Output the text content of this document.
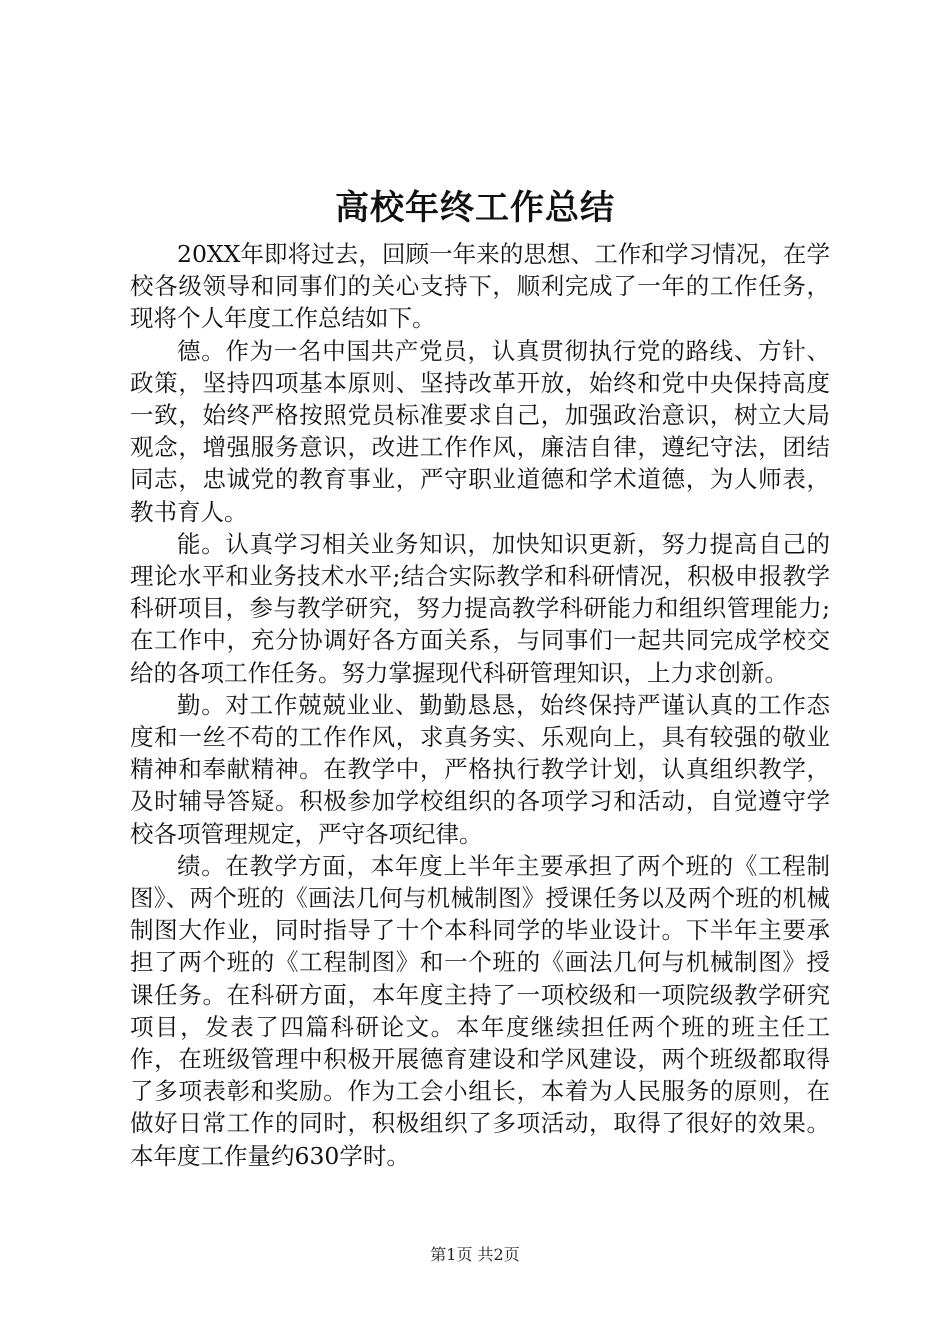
高校年终工作总结

20XX年即将过去，回顾一年来的思想、工作和学习情况，在学校各级领导和同事们的关心支持下，顺利完成了一年的工作任务，现将个人年度工作总结如下。

德。作为一名中国共产党员，认真贯彻执行党的路线、方针、政策，坚持四项基本原则、坚持改革开放，始终和党中央保持高度一致，始终严格按照党员标准要求自己，加强政治意识，树立大局观念，增强服务意识，改进工作作风，廉洁自律，遵纪守法，团结同志，忠诚党的教育事业，严守职业道德和学术道德，为人师表，教书育人。

能。认真学习相关业务知识，加快知识更新，努力提高自己的理论水平和业务技术水平;结合实际教学和科研情况，积极申报教学科研项目，参与教学研究，努力提高教学科研能力和组织管理能力;在工作中，充分协调好各方面关系，与同事们一起共同完成学校交给的各项工作任务。努力掌握现代科研管理知识，上力求创新。

勤。对工作兢兢业业、勤勤恳恳，始终保持严谨认真的工作态度和一丝不苟的工作作风，求真务实、乐观向上，具有较强的敬业精神和奉献精神。在教学中，严格执行教学计划，认真组织教学，及时辅导答疑。积极参加学校组织的各项学习和活动，自觉遵守学校各项管理规定，严守各项纪律。

绩。在教学方面，本年度上半年主要承担了两个班的《工程制图》、两个班的《画法几何与机械制图》授课任务以及两个班的机械制图大作业，同时指导了十个本科同学的毕业设计。下半年主要承担了两个班的《工程制图》和一个班的《画法几何与机械制图》授课任务。在科研方面，本年度主持了一项校级和一项院级教学研究项目，发表了四篇科研论文。本年度继续担任两个班的班主任工作，在班级管理中积极开展德育建设和学风建设，两个班级都取得了多项表彰和奖励。作为工会小组长，本着为人民服务的原则，在做好日常工作的同时，积极组织了多项活动，取得了很好的效果。本年度工作量约630学时。

第1页 共2页
